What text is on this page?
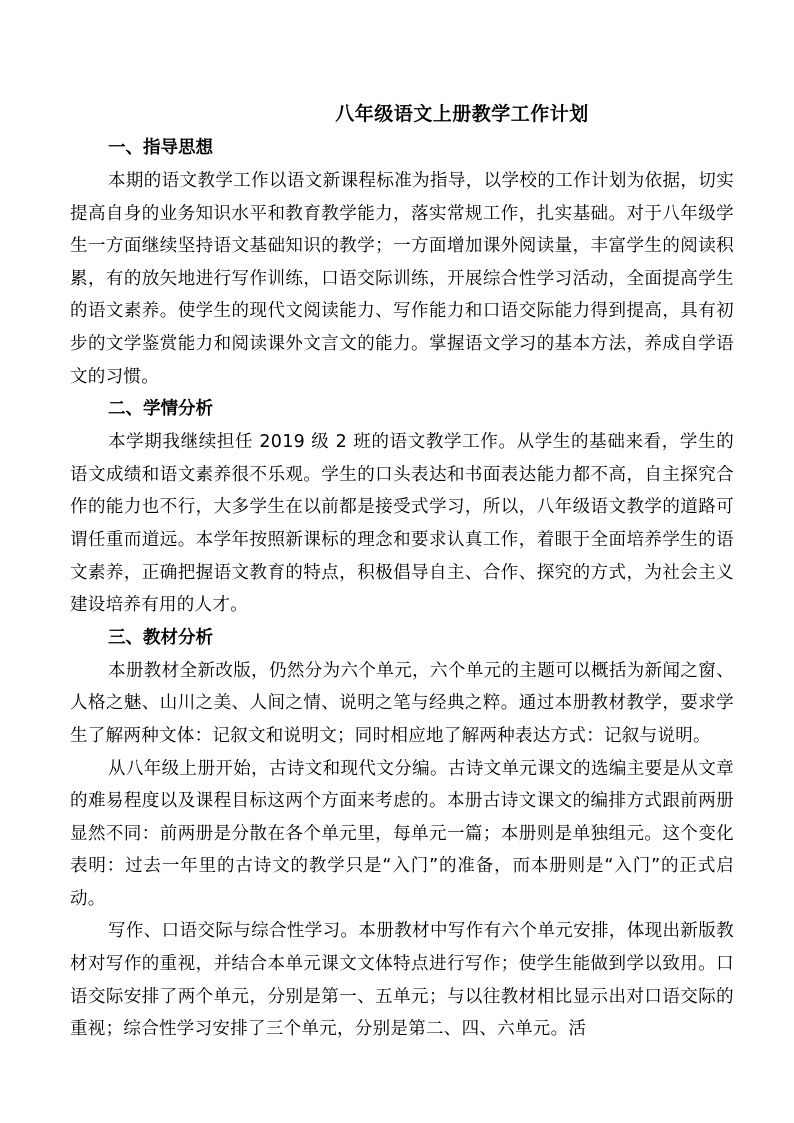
八年级语文上册教学工作计划
一、指导思想

本期的语文教学工作以语文新课程标准为指导，以学校的工作计划为依据，切实提高自身的业务知识水平和教育教学能力，落实常规工作，扎实基础。对于八年级学生一方面继续坚持语文基础知识的教学；一方面增加课外阅读量，丰富学生的阅读积累，有的放矢地进行写作训练，口语交际训练，开展综合性学习活动，全面提高学生的语文素养。使学生的现代文阅读能力、写作能力和口语交际能力得到提高，具有初步的文学鉴赏能力和阅读课外文言文的能力。掌握语文学习的基本方法，养成自学语文的习惯。

二、学情分析

本学期我继续担任 2019 级 2 班的语文教学工作。从学生的基础来看，学生的语文成绩和语文素养很不乐观。学生的口头表达和书面表达能力都不高，自主探究合作的能力也不行，大多学生在以前都是接受式学习，所以，八年级语文教学的道路可谓任重而道远。本学年按照新课标的理念和要求认真工作，着眼于全面培养学生的语文素养，正确把握语文教育的特点，积极倡导自主、合作、探究的方式，为社会主义建设培养有用的人才。

三、教材分析

本册教材全新改版，仍然分为六个单元，六个单元的主题可以概括为新闻之窗、人格之魅、山川之美、人间之情、说明之笔与经典之粹。通过本册教材教学，要求学生了解两种文体：记叙文和说明文；同时相应地了解两种表达方式：记叙与说明。

从八年级上册开始，古诗文和现代文分编。古诗文单元课文的选编主要是从文章的难易程度以及课程目标这两个方面来考虑的。本册古诗文课文的编排方式跟前两册显然不同：前两册是分散在各个单元里，每单元一篇；本册则是单独组元。这个变化表明：过去一年里的古诗文的教学只是“入门”的准备，而本册则是“入门”的正式启动。

写作、口语交际与综合性学习。本册教材中写作有六个单元安排，体现出新版教材对写作的重视，并结合本单元课文文体特点进行写作；使学生能做到学以致用。口语交际安排了两个单元，分别是第一、五单元；与以往教材相比显示出对口语交际的重视；综合性学习安排了三个单元，分别是第二、四、六单元。活
